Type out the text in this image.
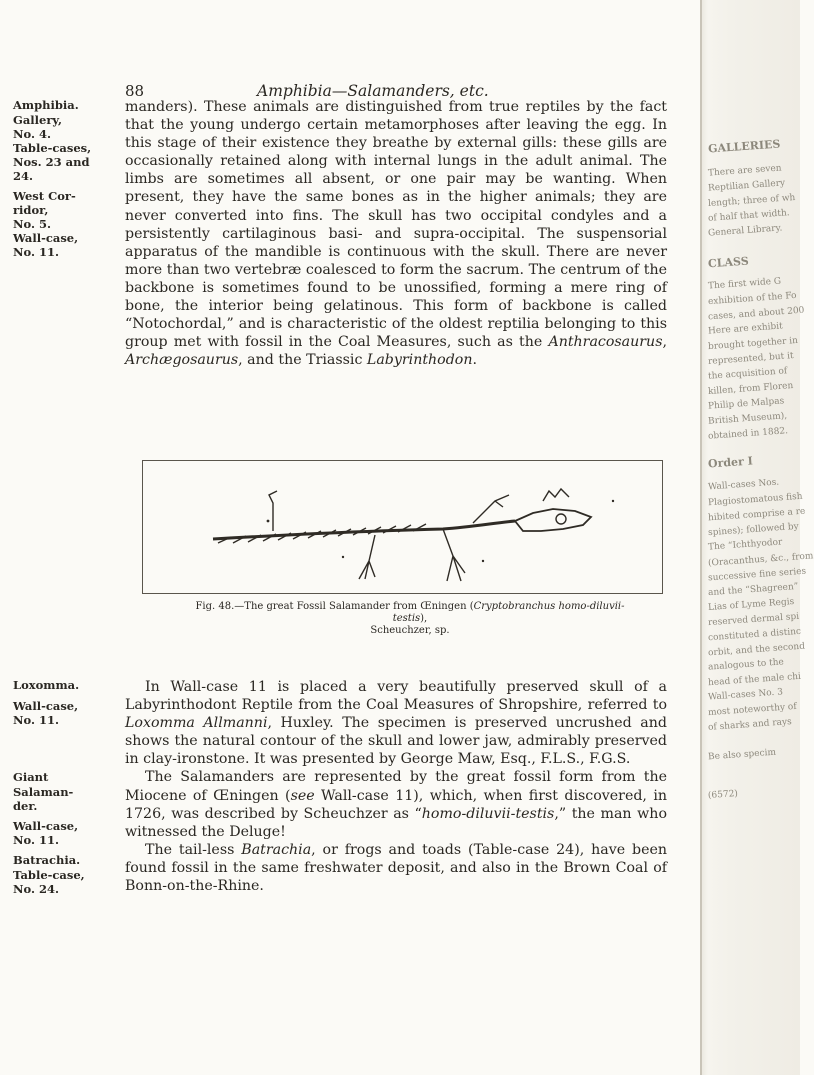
88	Amphibia—Salamanders, etc.
Amphibia.
Gallery,
No. 4.
Table-cases,
Nos. 23 and
24.
West Cor-
ridor,
No. 5.
Wall-case,
No. 11.
Loxomma.
Wall-case,
No. 11.
Giant
Salaman-
der.
Wall-case,
No. 11.
Batrachia.
Table-case,
No. 24.

manders). These animals are distinguished from true reptiles by the fact that the young undergo certain metamorphoses after leaving the egg. In this stage of their existence they breathe by external gills: these gills are occasionally retained along with internal lungs in the adult animal. The limbs are sometimes all absent, or one pair may be wanting. When present, they have the same bones as in the higher animals; they are never converted into fins. The skull has two occipital condyles and a persistently cartilaginous basi- and supra-occipital. The suspensorial apparatus of the mandible is continuous with the skull. There are never more than two vertebræ coalesced to form the sacrum. The centrum of the backbone is sometimes found to be unossified, forming a mere ring of bone, the interior being gelatinous. This form of backbone is called “Notochordal,” and is characteristic of the oldest reptilia belonging to this group met with fossil in the Coal Measures, such as the Anthracosaurus, Archægosaurus, and the Triassic Labyrinthodon.

Fig. 48.—The great Fossil Salamander from Œningen (Cryptobranchus homo-diluvii-testis),
Scheuchzer, sp.

In Wall-case 11 is placed a very beautifully preserved skull of a Labyrinthodont Reptile from the Coal Measures of Shropshire, referred to Loxomma Allmanni, Huxley. The specimen is preserved uncrushed and shows the natural contour of the skull and lower jaw, admirably preserved in clay-ironstone. It was presented by George Maw, Esq., F.L.S., F.G.S.

The Salamanders are represented by the great fossil form from the Miocene of Œningen (see Wall-case 11), which, when first discovered, in 1726, was described by Scheuchzer as “homo-diluvii-testis,” the man who witnessed the Deluge!

The tail-less Batrachia, or frogs and toads (Table-case 24), have been found fossil in the same freshwater deposit, and also in the Brown Coal of Bonn-on-the-Rhine.

GALLERIES
There are seven
Reptilian Gallery
length; three of wh
of half that width.
General Library.
CLASS
The first wide G
exhibition of the Fo
cases, and about 200
Here are exhibit
brought together in
represented, but it
the acquisition of
killen, from Floren
Philip de Malpas
British Museum),
obtained in 1882.
Order I
Wall-cases Nos.
Plagiostomatous fish
hibited comprise a re
spines); followed by
The “Ichthyodor
(Oracanthus, &c., from
successive fine series
and the “Shagreen”
Lias of Lyme Regis
reserved dermal spi
constituted a distinc
orbit, and the second
analogous to the
head of the male chi
Wall-cases No. 3
most noteworthy of
of sharks and rays
Be also specim
(6572)
